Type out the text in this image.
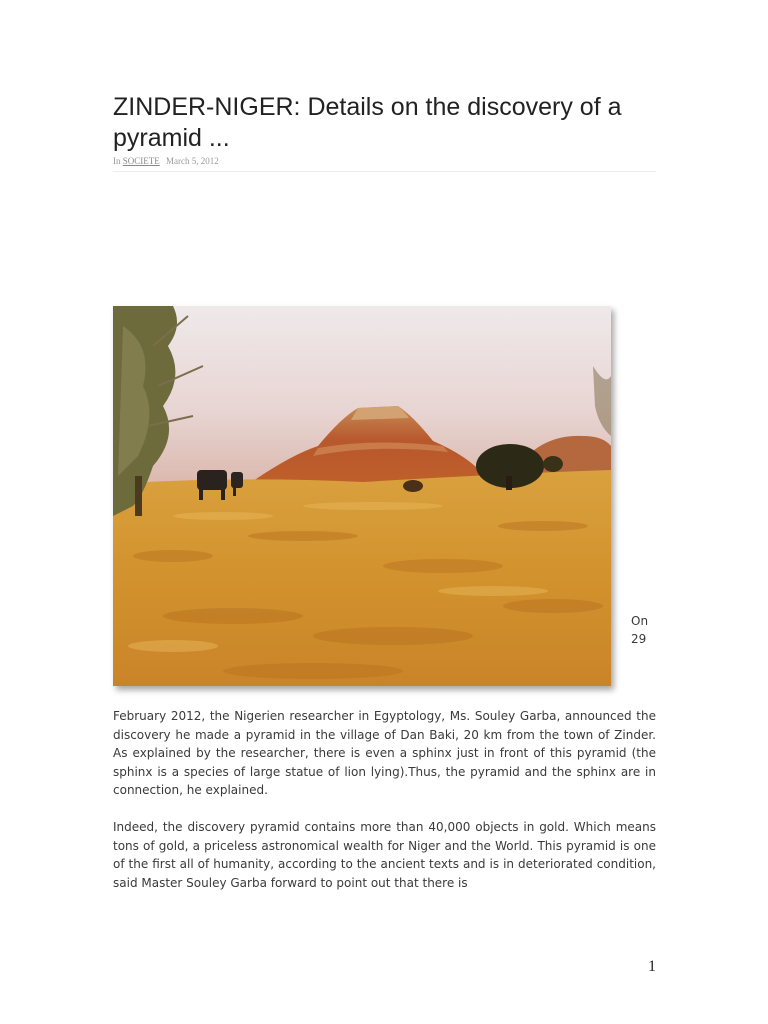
ZINDER-NIGER: Details on the discovery of a pyramid ...
In SOCIETE March 5, 2012
On 29

February 2012, the Nigerien researcher in Egyptology, Ms. Souley Garba, announced the discovery he made a pyramid in the village of Dan Baki, 20 km from the town of Zinder. As explained by the researcher, there is even a sphinx just in front of this pyramid (the sphinx is a species of large statue of lion lying).Thus, the pyramid and the sphinx are in connection, he explained.

Indeed, the discovery pyramid contains more than 40,000 objects in gold. Which means tons of gold, a priceless astronomical wealth for Niger and the World. This pyramid is one of the first all of humanity, according to the ancient texts and is in deteriorated condition, said Master Souley Garba forward to point out that there is

1
